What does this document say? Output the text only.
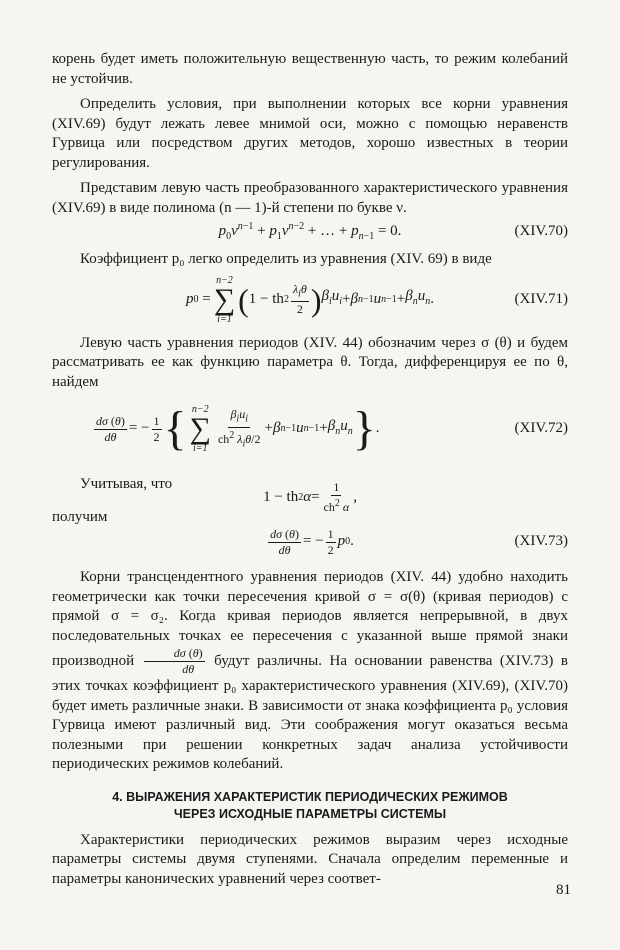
корень будет иметь положительную вещественную часть, то режим колебаний не устойчив.

Определить условия, при выполнении которых все корни уравнения (XIV.69) будут лежать левее мнимой оси, можно с помощью неравенств Гурвица или посредством других методов, хорошо известных в теории регулирования.

Представим левую часть преобразованного характеристического уравнения (XIV.69) в виде полинома (n — 1)-й степени по букве ν.

$p_0\nu^{n-1} + p_1\nu^{n-2}$ + … + $p_{n-1} = 0$.	(XIV.70)

Коэффициент p₀ легко определить из уравнения (XIV. 69) в виде

p 0 =
n−2
∑
i=1
( 1 − th $2 \frac{\lambda_i\theta}{2}$ ) $\beta_iu_i + \beta$ n−1 u $n-1 + \beta_nu_n$ .	(XIV.71)

Левую часть уравнения периодов (XIV. 44) обозначим через σ (θ) и будем рассматривать ее как функцию параметра θ. Тогда, дифференцируя ее по θ, найдем

$\frac{d\sigma (\theta)}{d\theta}$ = − $\frac{1}{2}$ { n−2
∑
$i=1 \frac{\beta_iu_i}{ch^2 \lambda_i\theta/2} + \beta$ n−1 u $n-1 + \beta_nu_n$ } .	(XIV.72)
Учитывая, что
1 − th 2 $\alpha = \frac{1}{ch^2 \alpha}$ ,
получим
$\frac{d\sigma (\theta)}{d\theta}$ = − $\frac{1}{2}$ p 0 .	(XIV.73)

Корни трансцендентного уравнения периодов (XIV. 44) удобно находить геометрически как точки пересечения кривой σ = σ(θ) (кривая периодов) с прямой σ = σ₂. Когда кривая периодов является непрерывной, в двух последовательных точках ее пересечения с указанной выше прямой знаки производной $\frac{d\sigma (\theta)}{d\theta}$ будут различны. На основании равенства (XIV.73) в этих точках коэффициент p₀ характеристического уравнения (XIV.69), (XIV.70) будет иметь различные знаки. В зависимости от знака коэффициента p₀ условия Гурвица имеют различный вид. Эти соображения могут оказаться весьма полезными при решении конкретных задач анализа устойчивости периодических режимов колебаний.

4. ВЫРАЖЕНИЯ ХАРАКТЕРИСТИК ПЕРИОДИЧЕСКИХ РЕЖИМОВ
ЧЕРЕЗ ИСХОДНЫЕ ПАРАМЕТРЫ СИСТЕМЫ

Характеристики периодических режимов выразим через исходные параметры системы двумя ступенями. Сначала определим переменные и параметры канонических уравнений через соответ-

81
